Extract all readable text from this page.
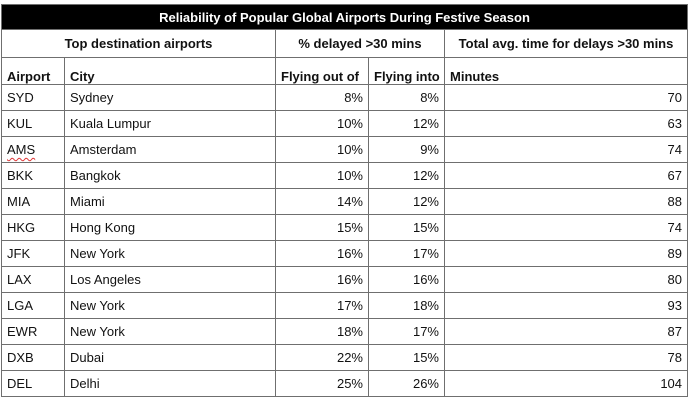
Reliability of Popular Global Airports During Festive Season				
Top destination airports		% delayed >30 mins		Total avg. time for delays >30 mins
Airport	City	Flying out of	Flying into	Minutes
SYD	Sydney	8%	8%	70
KUL	Kuala Lumpur	10%	12%	63
AMS	Amsterdam	10%	9%	74
BKK	Bangkok	10%	12%	67
MIA	Miami	14%	12%	88
HKG	Hong Kong	15%	15%	74
JFK	New York	16%	17%	89
LAX	Los Angeles	16%	16%	80
LGA	New York	17%	18%	93
EWR	New York	18%	17%	87
DXB	Dubai	22%	15%	78
DEL	Delhi	25%	26%	104
